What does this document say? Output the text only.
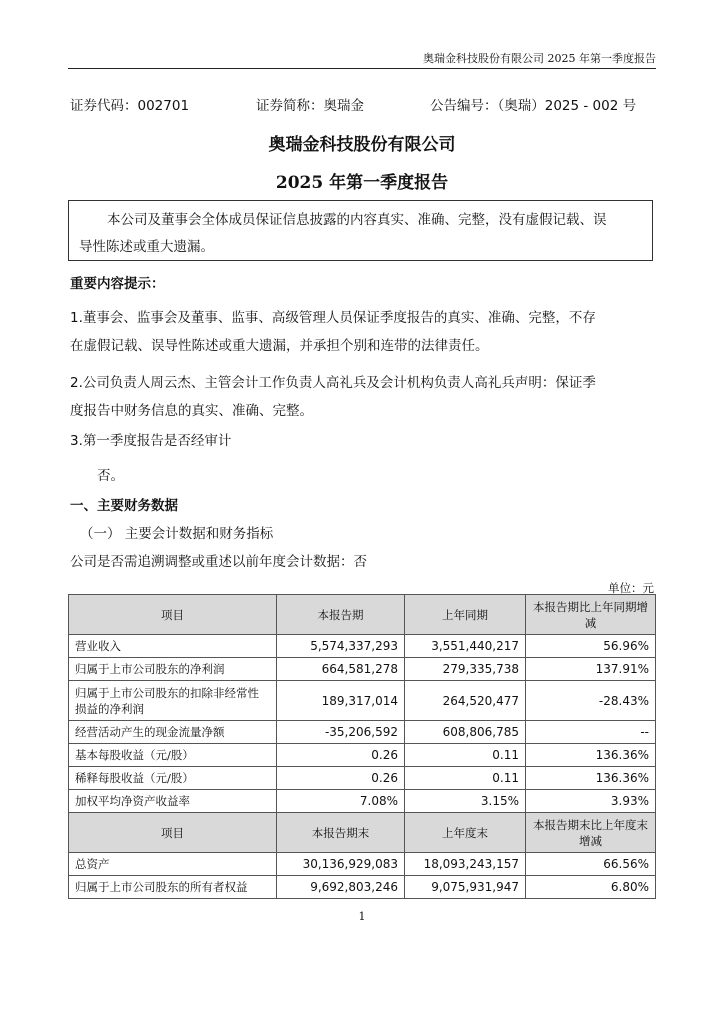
奥瑞金科技股份有限公司 2025 年第一季度报告
证券代码：002701	证券简称：奥瑞金	公告编号：（奥瑞）2025 - 002 号
奥瑞金科技股份有限公司
2025 年第一季度报告
本公司及董事会全体成员保证信息披露的内容真实、准确、完整，没有虚假记载、误
导性陈述或重大遗漏。
重要内容提示：
1.董事会、监事会及董事、监事、高级管理人员保证季度报告的真实、准确、完整，不存
在虚假记载、误导性陈述或重大遗漏，并承担个别和连带的法律责任。
2.公司负责人周云杰、主管会计工作负责人高礼兵及会计机构负责人高礼兵声明：保证季
度报告中财务信息的真实、准确、完整。
3.第一季度报告是否经审计
否。
一、主要财务数据
（一） 主要会计数据和财务指标
公司是否需追溯调整或重述以前年度会计数据：否
单位：元
项目	本报告期	上年同期	本报告期比上年同期增减
营业收入	5,574,337,293	3,551,440,217	56.96%
归属于上市公司股东的净利润	664,581,278	279,335,738	137.91%
归属于上市公司股东的扣除非经常性损益的净利润	189,317,014	264,520,477	-28.43%
经营活动产生的现金流量净额	-35,206,592	608,806,785	--
基本每股收益（元/股）	0.26	0.11	136.36%
稀释每股收益（元/股）	0.26	0.11	136.36%
加权平均净资产收益率	7.08%	3.15%	3.93%
项目	本报告期末	上年度末	本报告期末比上年度末增减
总资产	30,136,929,083	18,093,243,157	66.56%
归属于上市公司股东的所有者权益	9,692,803,246	9,075,931,947	6.80%
1
